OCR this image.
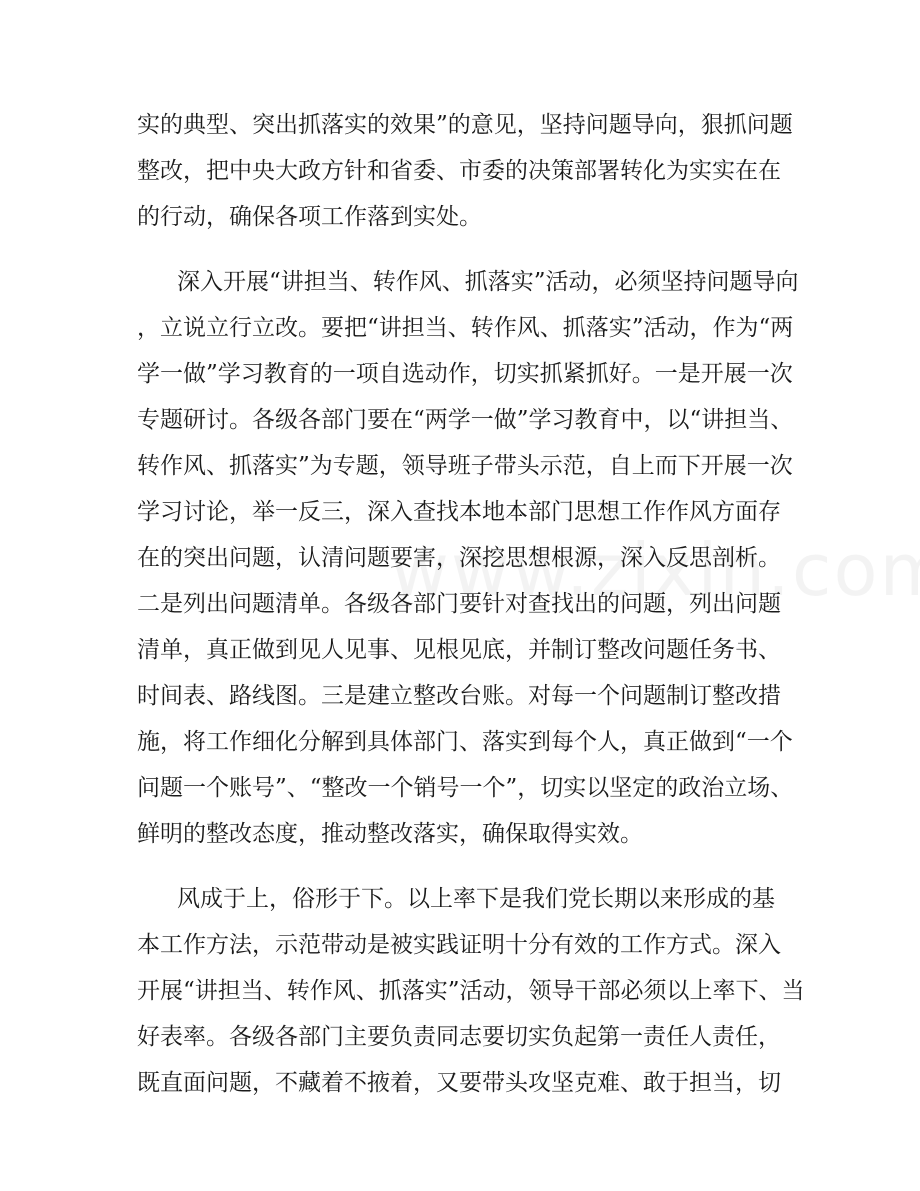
实的典型、突出抓落实的效果”的意见，坚持问题导向，狠抓问题
整改，把中央大政方针和省委、市委的决策部署转化为实实在在
的行动，确保各项工作落到实处。
深入开展“讲担当、转作风、抓落实”活动，必须坚持问题导向
，立说立行立改。要把“讲担当、转作风、抓落实”活动，作为“两
学一做”学习教育的一项自选动作，切实抓紧抓好。一是开展一次
专题研讨。各级各部门要在“两学一做”学习教育中，以“讲担当、
转作风、抓落实”为专题，领导班子带头示范，自上而下开展一次
学习讨论，举一反三，深入查找本地本部门思想工作作风方面存
在的突出问题，认清问题要害，深挖思想根源，深入反思剖析。
二是列出问题清单。各级各部门要针对查找出的问题，列出问题
清单，真正做到见人见事、见根见底，并制订整改问题任务书、
时间表、路线图。三是建立整改台账。对每一个问题制订整改措
施，将工作细化分解到具体部门、落实到每个人，真正做到“一个
问题一个账号”、“整改一个销号一个”，切实以坚定的政治立场、
鲜明的整改态度，推动整改落实，确保取得实效。
风成于上，俗形于下。以上率下是我们党长期以来形成的基
本工作方法，示范带动是被实践证明十分有效的工作方式。深入
开展“讲担当、转作风、抓落实”活动，领导干部必须以上率下、当
好表率。各级各部门主要负责同志要切实负起第一责任人责任，
既直面问题，不藏着不掖着，又要带头攻坚克难、敢于担当，切
